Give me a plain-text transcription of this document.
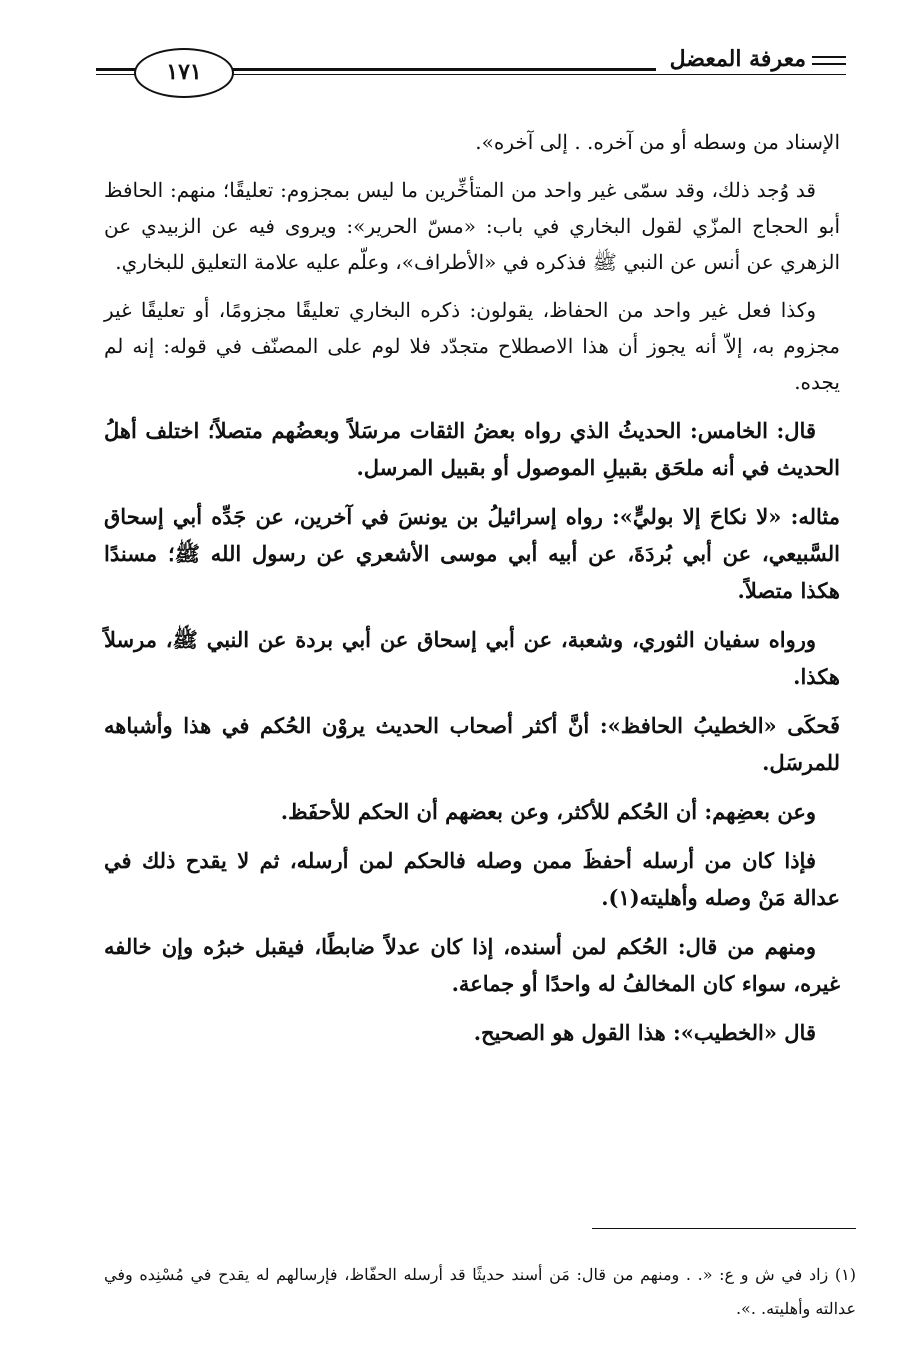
معرفة المعضل
١٧١

الإسناد من وسطه أو من آخره. . إلى آخره».

قد وُجد ذلك، وقد سمّى غير واحد من المتأخِّرين ما ليس بمجزوم: تعليقًا؛ منهم: الحافظ أبو الحجاج المزّي لقول البخاري في باب: «مسّ الحرير»: ويروى فيه عن الزبيدي عن الزهري عن أنس عن النبي ﷺ فذكره في «الأطراف»، وعلّم عليه علامة التعليق للبخاري.

وكذا فعل غير واحد من الحفاظ، يقولون: ذكره البخاري تعليقًا مجزومًا، أو تعليقًا غير مجزوم به، إلاّ أنه يجوز أن هذا الاصطلاح متجدّد فلا لوم على المصنّف في قوله: إنه لم يجده.

قال: الخامس: الحديثُ الذي رواه بعضُ الثقات مرسَلاً وبعضُهم متصلاً؛ اختلف أهلُ الحديث في أنه ملحَق بقبيلِ الموصول أو بقبيل المرسل.

مثاله: «لا نكاحَ إلا بوليٍّ»: رواه إسرائيلُ بن يونسَ في آخرين، عن جَدِّه أبي إسحاق السَّبيعي، عن أبي بُردَةَ، عن أبيه أبي موسى الأشعري عن رسول الله ﷺ؛ مسندًا هكذا متصلاً.

ورواه سفيان الثوري، وشعبة، عن أبي إسحاق عن أبي بردة عن النبي ﷺ، مرسلاً هكذا.

فَحكَى «الخطيبُ الحافظ»: أنَّ أكثر أصحاب الحديث يروْن الحُكم في هذا وأشباهه للمرسَل.

وعن بعضِهم: أن الحُكم للأكثر، وعن بعضهم أن الحكم للأحفَظ.

فإذا كان من أرسله أحفظَ ممن وصله فالحكم لمن أرسله، ثم لا يقدح ذلك في عدالة مَنْ وصله وأهليته(١).

ومنهم من قال: الحُكم لمن أسنده، إذا كان عدلاً ضابطًا، فيقبل خبرُه وإن خالفه غيره، سواء كان المخالفُ له واحدًا أو جماعة.

قال «الخطيب»: هذا القول هو الصحيح.

(١) زاد في ش و ع: «. . ومنهم من قال: مَن أسند حديثًا قد أرسله الحفّاظ، فإرسالهم له يقدح في مُسْنِده وفي عدالته وأهليته. .».
